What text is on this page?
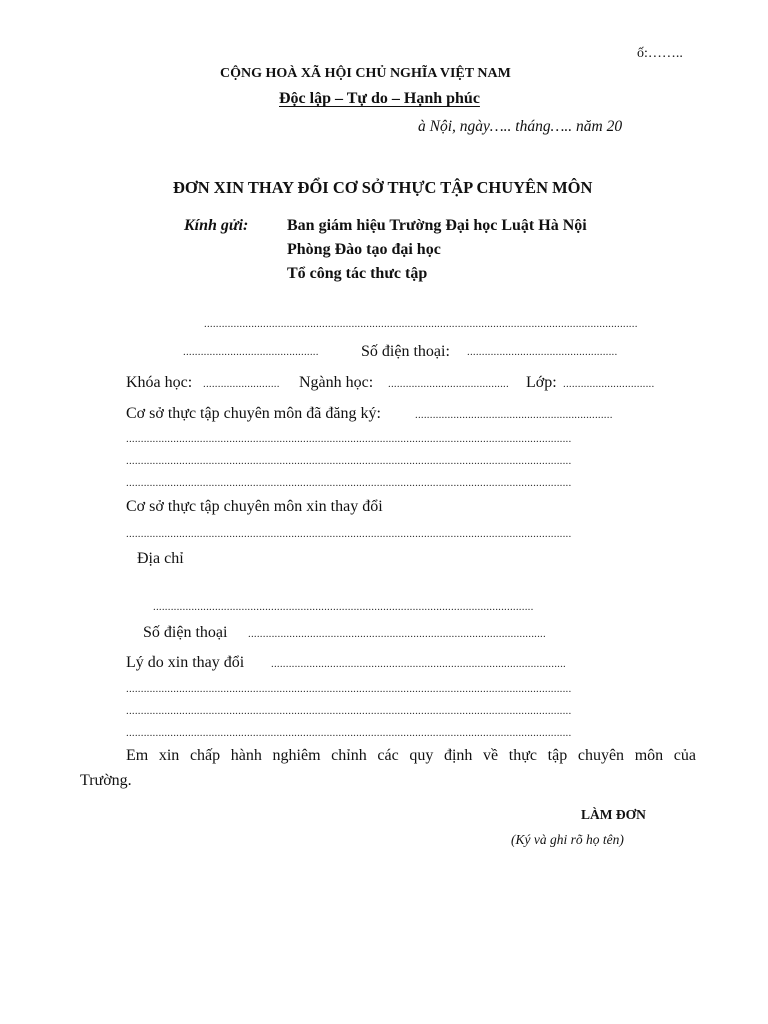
ố:……..
CỘNG HOÀ XÃ HỘI CHỦ NGHĨA VIỆT NAM
Độc lập – Tự do – Hạnh phúc
à Nội, ngày….. tháng….. năm 20
ĐƠN XIN THAY ĐỔI CƠ SỞ THỰC TẬP CHUYÊN MÔN
Kính gửi: Ban giám hiệu Trường Đại học Luật Hà Nội
Phòng Đào tạo đại học
Tổ công tác thưc tập
...................................................................................................................................................
..............................................	Số điện thoại: ...................................................
Khóa học: .......................... Ngành học: ......................................... Lớp: ...............................
Cơ sở thực tập chuyên môn đã đăng ký:	...................................................................
.......................................................................................................................................................
.......................................................................................................................................................
.......................................................................................................................................................
Cơ sở thực tập chuyên môn xin thay đổi
.......................................................................................................................................................
Địa chỉ
.................................................................................................................................
Số điện thoại .....................................................................................................
Lý do xin thay đổi ....................................................................................................
.......................................................................................................................................................
.......................................................................................................................................................
.......................................................................................................................................................
Em xin chấp hành nghiêm chỉnh các quy định về thực tập chuyên môn của
Trường.
LÀM ĐƠN
(Ký và ghi rõ họ tên)
